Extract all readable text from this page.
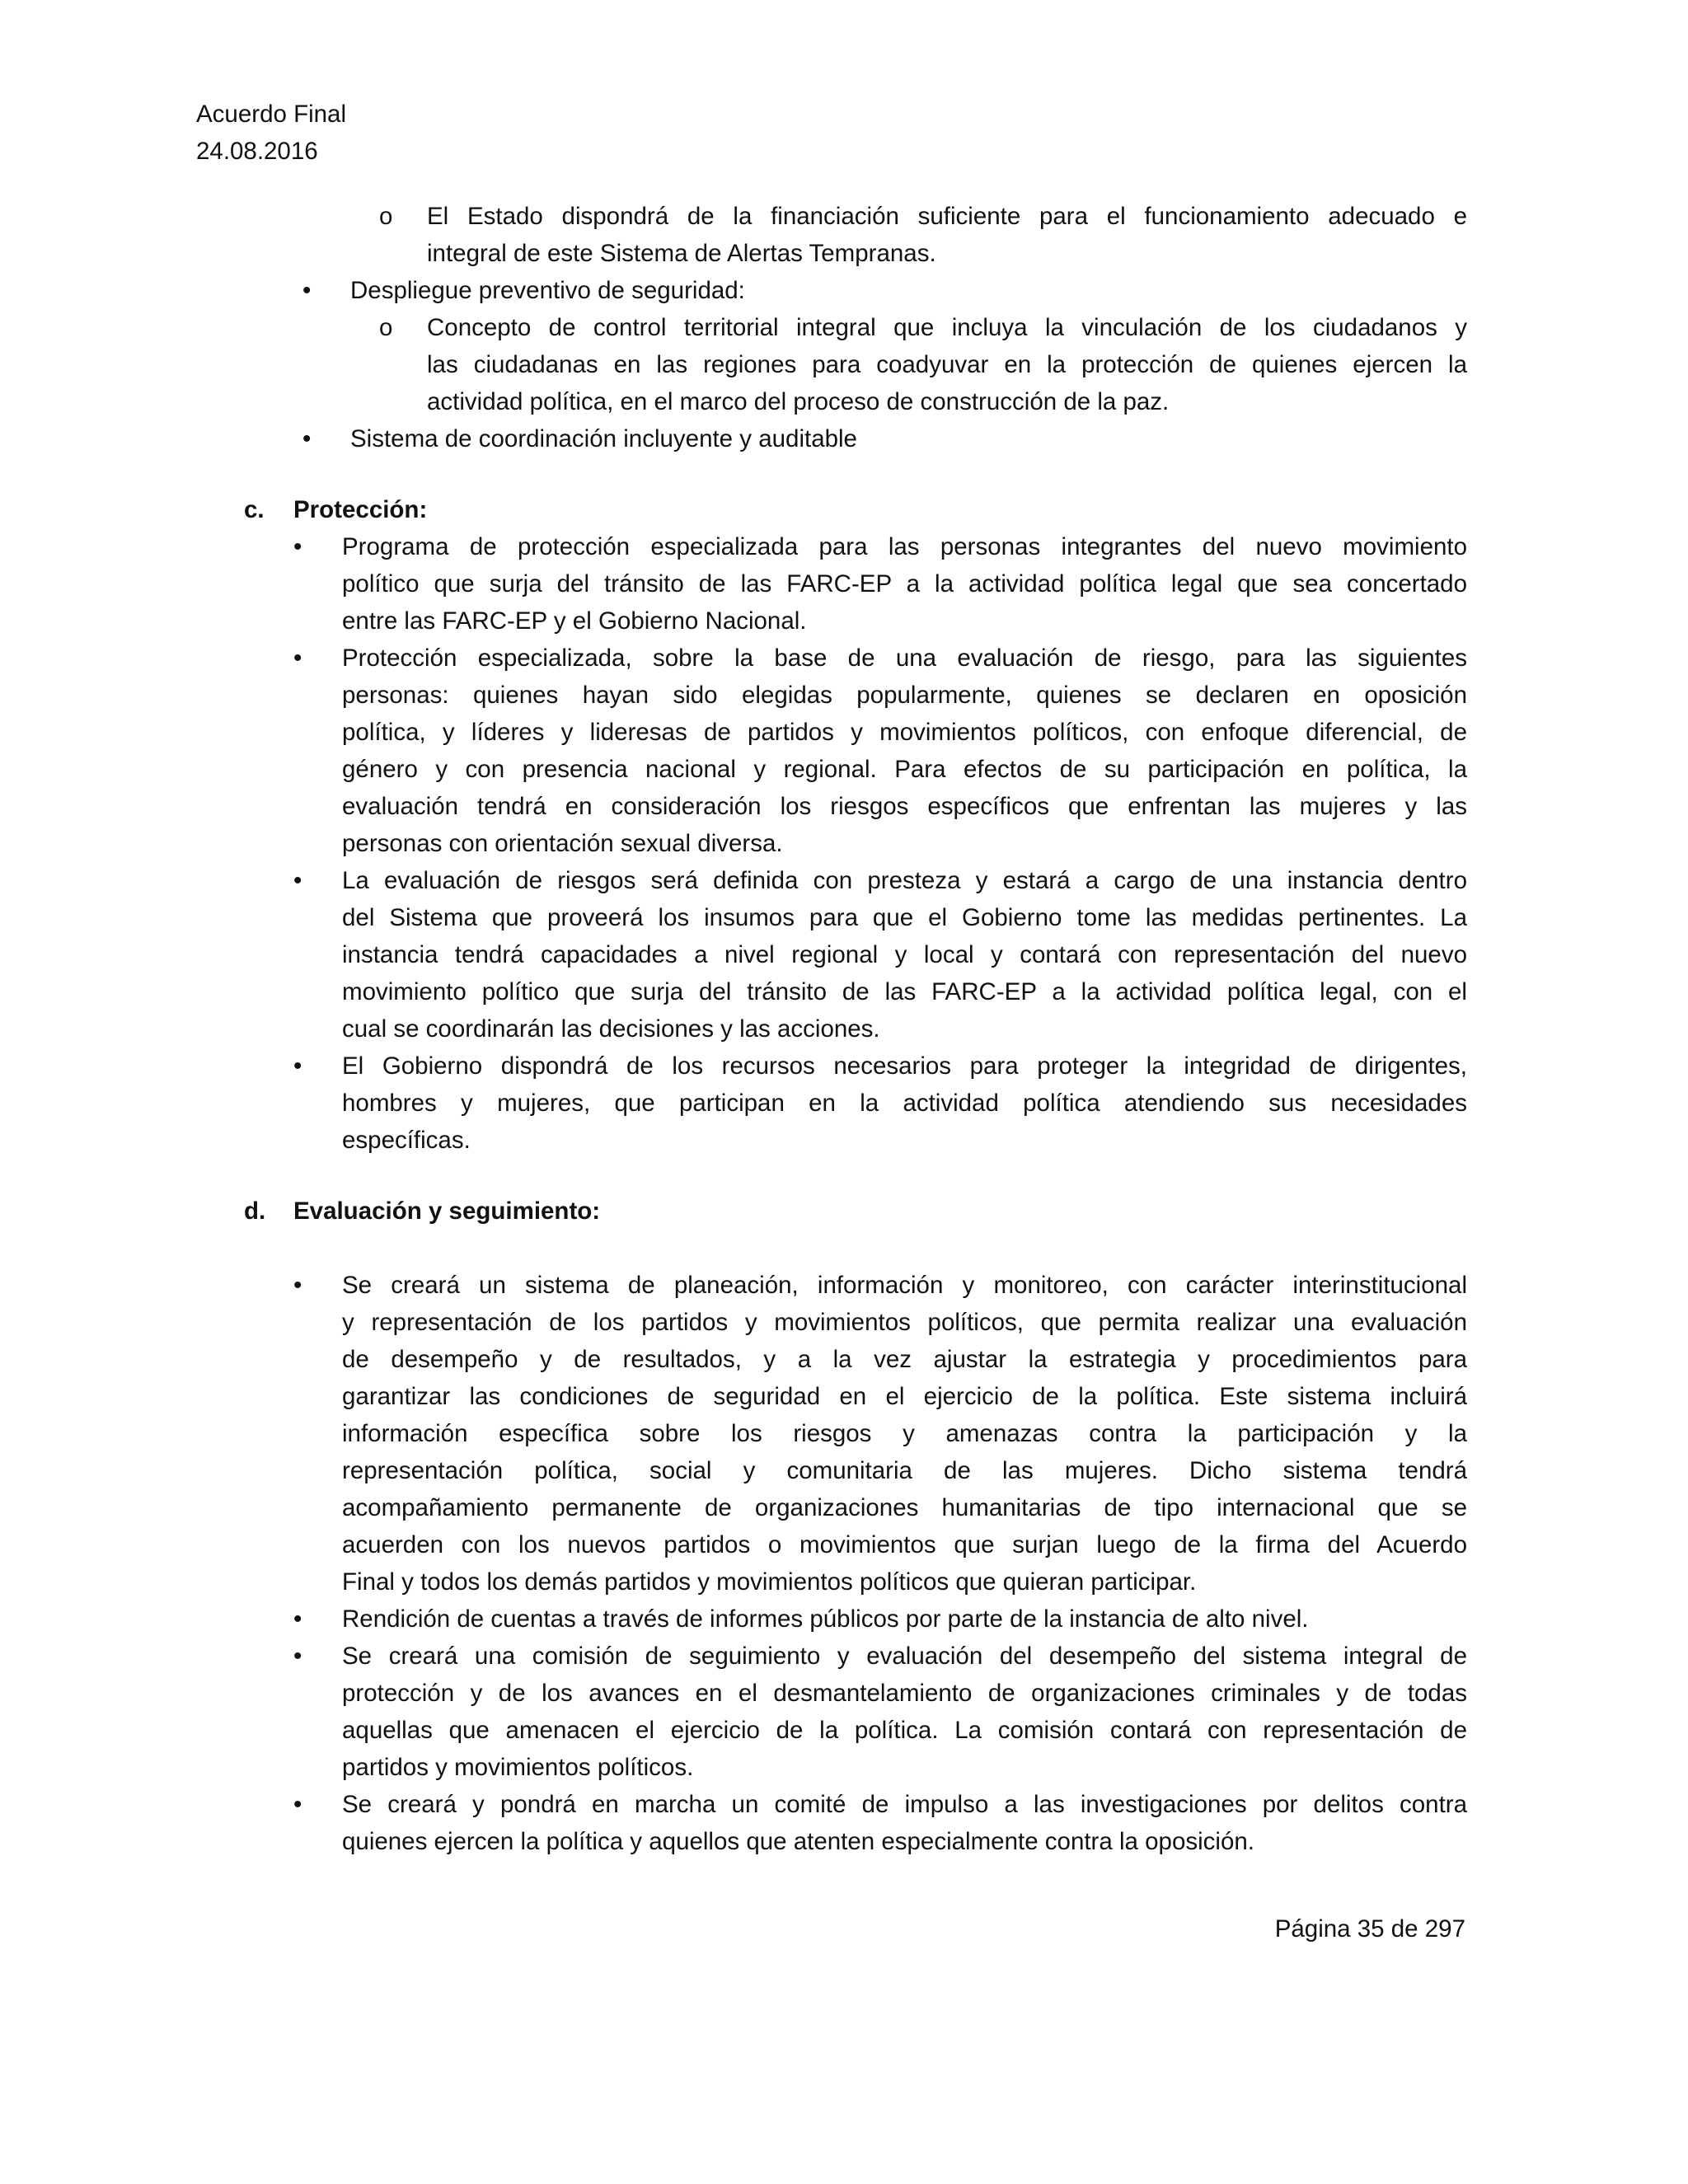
Acuerdo Final
24.08.2016
o El Estado dispondrá de la financiación suficiente para el funcionamiento adecuado e
integral de este Sistema de Alertas Tempranas.
• Despliegue preventivo de seguridad:
o Concepto de control territorial integral que incluya la vinculación de los ciudadanos y
las ciudadanas en las regiones para coadyuvar en la protección de quienes ejercen la
actividad política, en el marco del proceso de construcción de la paz.
• Sistema de coordinación incluyente y auditable
c. Protección:
• Programa de protección especializada para las personas integrantes del nuevo movimiento
político que surja del tránsito de las FARC-EP a la actividad política legal que sea concertado
entre las FARC-EP y el Gobierno Nacional.
• Protección especializada, sobre la base de una evaluación de riesgo, para las siguientes
personas: quienes hayan sido elegidas popularmente, quienes se declaren en oposición
política, y líderes y lideresas de partidos y movimientos políticos, con enfoque diferencial, de
género y con presencia nacional y regional. Para efectos de su participación en política, la
evaluación tendrá en consideración los riesgos específicos que enfrentan las mujeres y las
personas con orientación sexual diversa.
• La evaluación de riesgos será definida con presteza y estará a cargo de una instancia dentro
del Sistema que proveerá los insumos para que el Gobierno tome las medidas pertinentes. La
instancia tendrá capacidades a nivel regional y local y contará con representación del nuevo
movimiento político que surja del tránsito de las FARC-EP a la actividad política legal, con el
cual se coordinarán las decisiones y las acciones.
• El Gobierno dispondrá de los recursos necesarios para proteger la integridad de dirigentes,
hombres y mujeres, que participan en la actividad política atendiendo sus necesidades
específicas.
d. Evaluación y seguimiento:
• Se creará un sistema de planeación, información y monitoreo, con carácter interinstitucional
y representación de los partidos y movimientos políticos, que permita realizar una evaluación
de desempeño y de resultados, y a la vez ajustar la estrategia y procedimientos para
garantizar las condiciones de seguridad en el ejercicio de la política. Este sistema incluirá
información específica sobre los riesgos y amenazas contra la participación y la
representación política, social y comunitaria de las mujeres. Dicho sistema tendrá
acompañamiento permanente de organizaciones humanitarias de tipo internacional que se
acuerden con los nuevos partidos o movimientos que surjan luego de la firma del Acuerdo
Final y todos los demás partidos y movimientos políticos que quieran participar.
• Rendición de cuentas a través de informes públicos por parte de la instancia de alto nivel.
• Se creará una comisión de seguimiento y evaluación del desempeño del sistema integral de
protección y de los avances en el desmantelamiento de organizaciones criminales y de todas
aquellas que amenacen el ejercicio de la política. La comisión contará con representación de
partidos y movimientos políticos.
• Se creará y pondrá en marcha un comité de impulso a las investigaciones por delitos contra
quienes ejercen la política y aquellos que atenten especialmente contra la oposición.
Página 35 de 297
